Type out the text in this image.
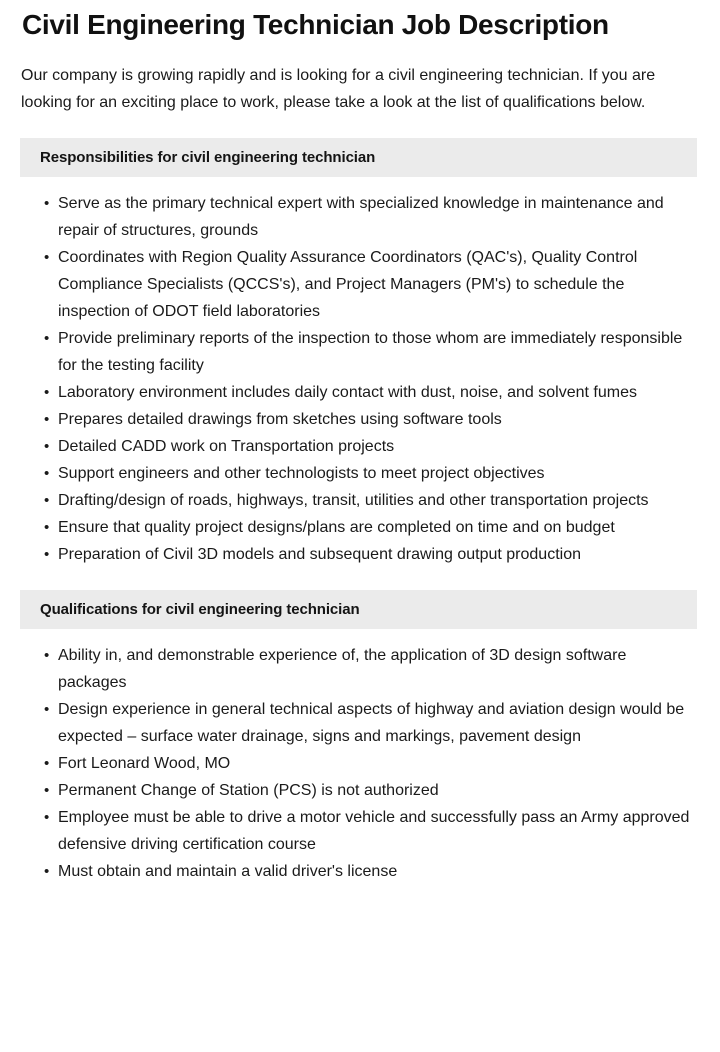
Civil Engineering Technician Job Description

Our company is growing rapidly and is looking for a civil engineering technician. If you are looking for an exciting place to work, please take a look at the list of qualifications below.

Responsibilities for civil engineering technician
• Serve as the primary technical expert with specialized knowledge in maintenance and repair of structures, grounds
• Coordinates with Region Quality Assurance Coordinators (QAC's), Quality Control Compliance Specialists (QCCS's), and Project Managers (PM's) to schedule the inspection of ODOT field laboratories
• Provide preliminary reports of the inspection to those whom are immediately responsible for the testing facility
• Laboratory environment includes daily contact with dust, noise, and solvent fumes
• Prepares detailed drawings from sketches using software tools
• Detailed CADD work on Transportation projects
• Support engineers and other technologists to meet project objectives
• Drafting/design of roads, highways, transit, utilities and other transportation projects
• Ensure that quality project designs/plans are completed on time and on budget
• Preparation of Civil 3D models and subsequent drawing output production
Qualifications for civil engineering technician
• Ability in, and demonstrable experience of, the application of 3D design software packages
• Design experience in general technical aspects of highway and aviation design would be expected – surface water drainage, signs and markings, pavement design
• Fort Leonard Wood, MO
• Permanent Change of Station (PCS) is not authorized
• Employee must be able to drive a motor vehicle and successfully pass an Army approved defensive driving certification course
• Must obtain and maintain a valid driver's license
